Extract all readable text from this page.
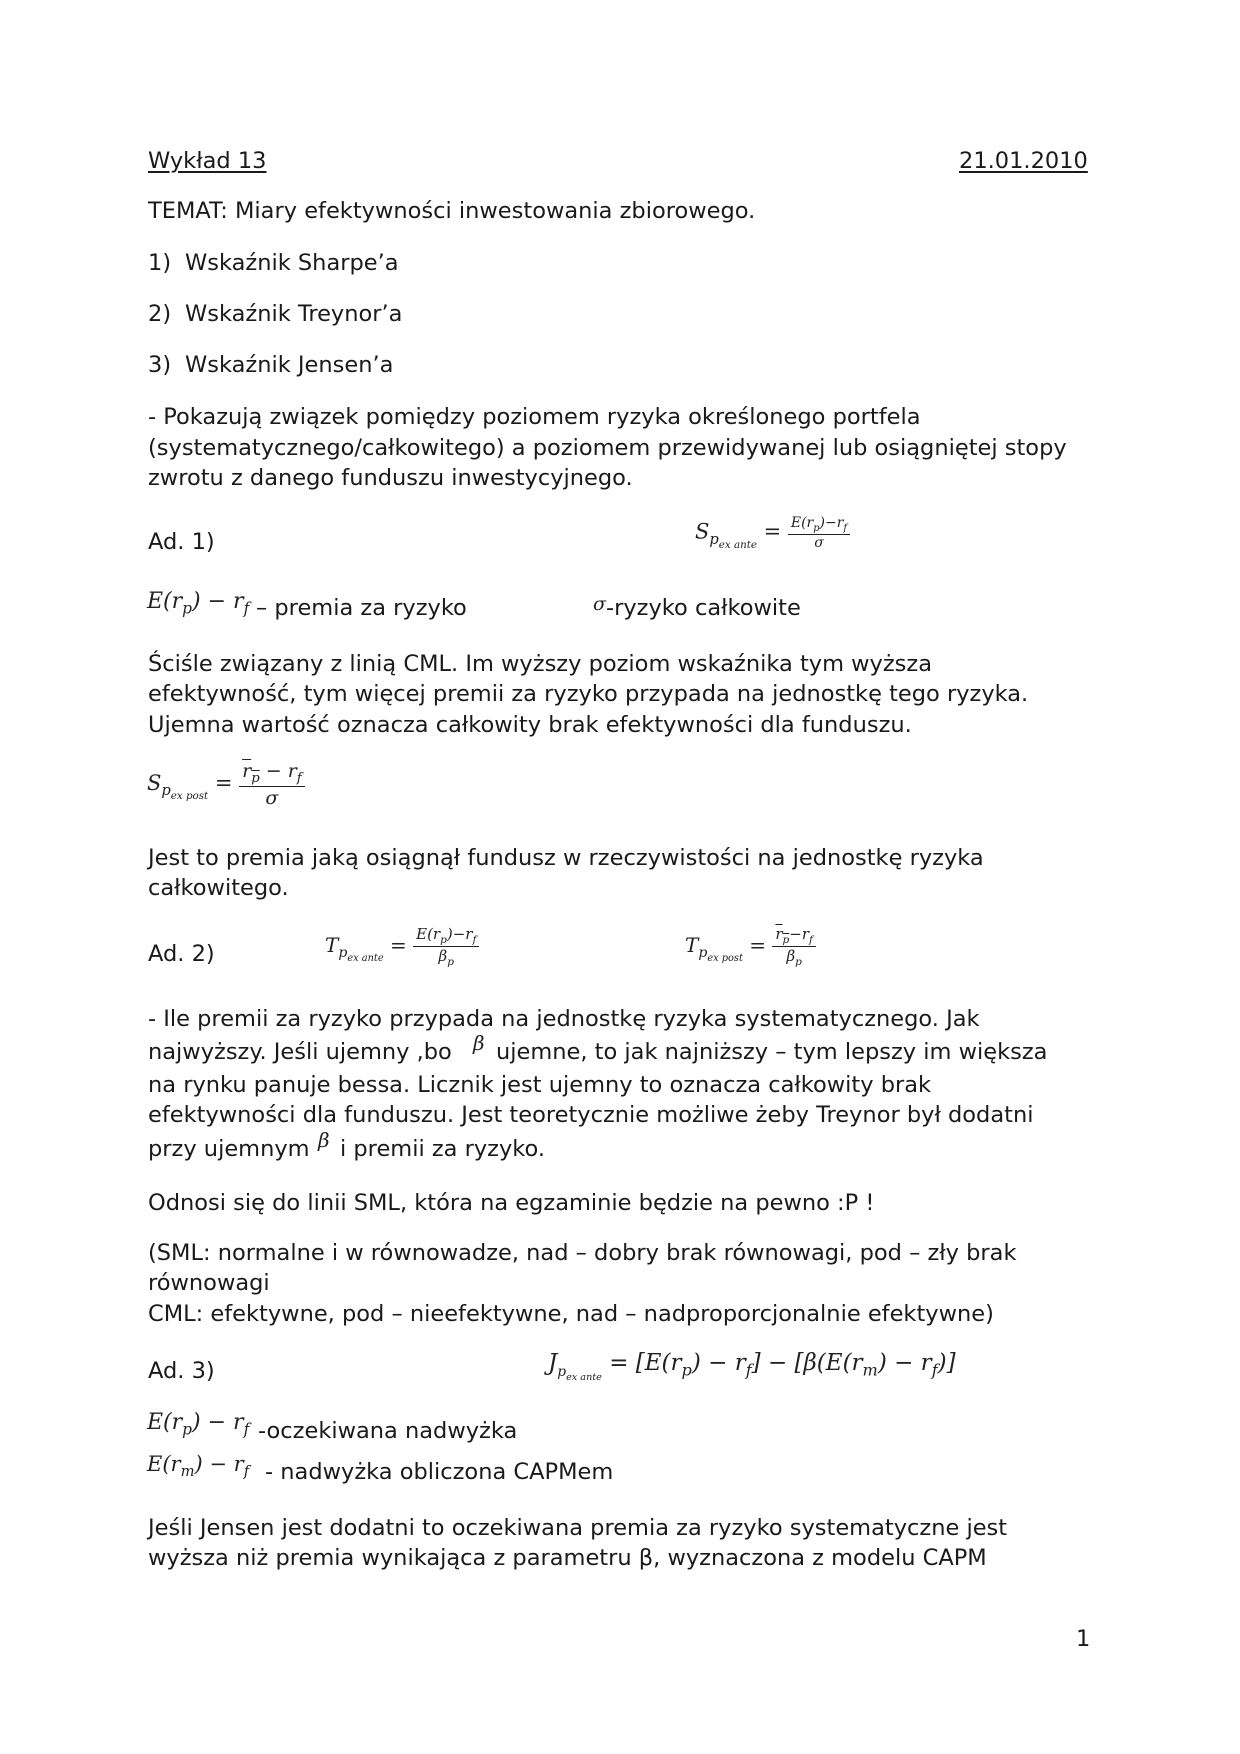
Wykład 13	21.01.2010
TEMAT: Miary efektywności inwestowania zbiorowego.
1) Wskaźnik Sharpe’a
2) Wskaźnik Treynor’a
3) Wskaźnik Jensen’a
- Pokazują związek pomiędzy poziomem ryzyka określonego portfela
(systematycznego/całkowitego) a poziomem przewidywanej lub osiągniętej stopy
zwrotu z danego funduszu inwestycyjnego.
Ad. 1)	$S_{p_{ex ante}} = \frac{E(r_p)-r_f}{\sigma}$
$E(r_p) - r_f$ – premia za ryzyko	σ -ryzyko całkowite
Ściśle związany z linią CML. Im wyższy poziom wskaźnika tym wyższa
efektywność, tym więcej premii za ryzyko przypada na jednostkę tego ryzyka.
Ujemna wartość oznacza całkowity brak efektywności dla funduszu.
$S_{p_{ex post}} = \frac{r_p - r_f}{\sigma}$
Jest to premia jaką osiągnął fundusz w rzeczywistości na jednostkę ryzyka
całkowitego.
Ad. 2)	$T_{p_{ex ante}} = \frac{E(r_p)-r_f}{\beta_p}$	$T_{p_{ex post}} = \frac{r_p-r_f}{\beta_p}$
- Ile premii za ryzyko przypada na jednostkę ryzyka systematycznego. Jak
najwyższy. Jeśli ujemny ,bo β ujemne, to jak najniższy – tym lepszy im większa
na rynku panuje bessa. Licznik jest ujemny to oznacza całkowity brak
efektywności dla funduszu. Jest teoretycznie możliwe żeby Treynor był dodatni
przy ujemnym β i premii za ryzyko.
Odnosi się do linii SML, która na egzaminie będzie na pewno :P !
(SML: normalne i w równowadze, nad – dobry brak równowagi, pod – zły brak
równowagi
CML: efektywne, pod – nieefektywne, nad – nadproporcjonalnie efektywne)
Ad. 3)	$J_{p_{ex ante}} = [E(r_p) - r_f] - [\beta(E(r_m) - r_f)]$
$E(r_p) - r_f$ -oczekiwana nadwyżka
$E(r_m) - r_f$ - nadwyżka obliczona CAPMem
Jeśli Jensen jest dodatni to oczekiwana premia za ryzyko systematyczne jest
wyższa niż premia wynikająca z parametru β, wyznaczona z modelu CAPM
1
